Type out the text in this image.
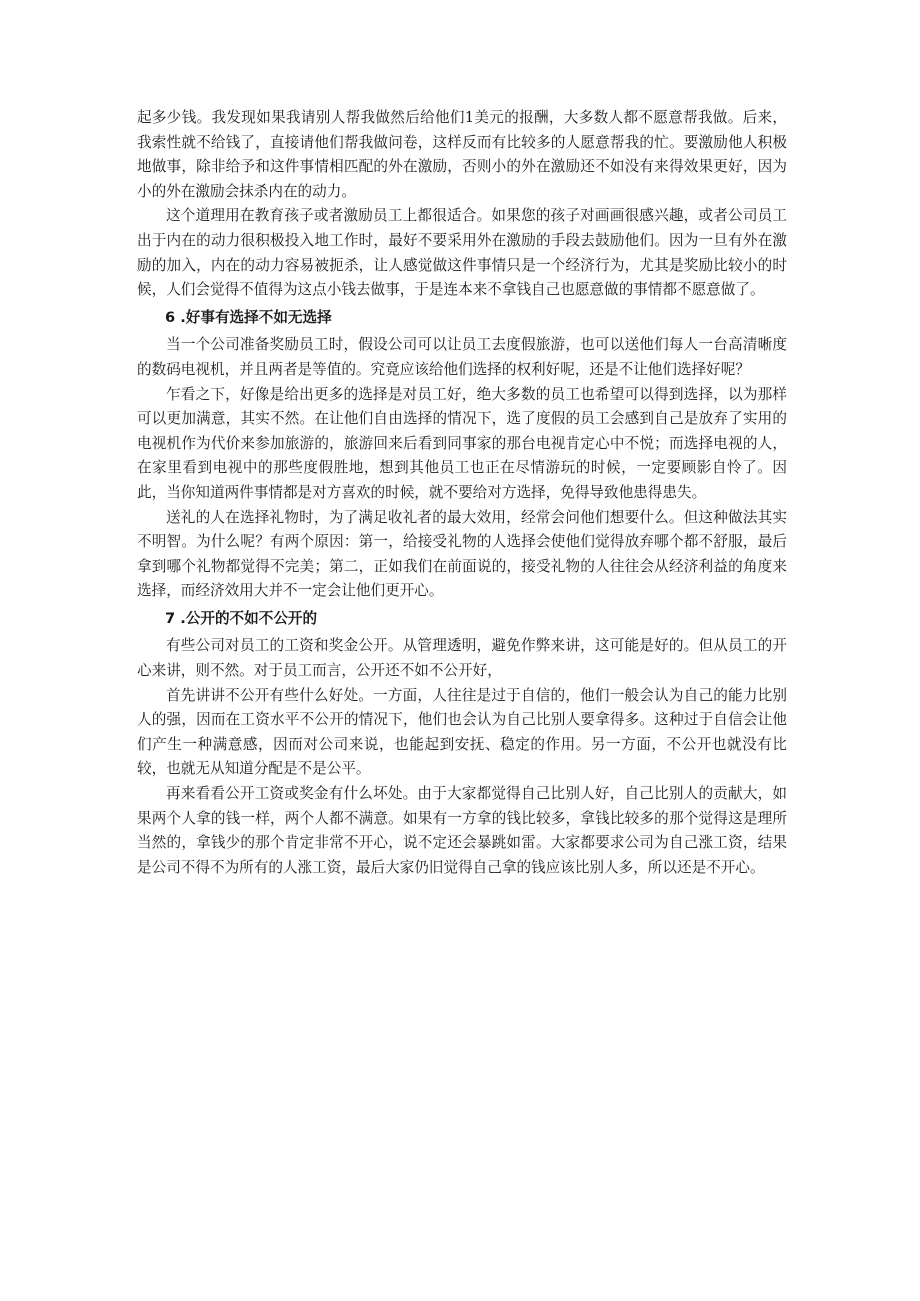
起多少钱。我发现如果我请别人帮我做然后给他们1美元的报酬，大多数人都不愿意帮我做。后来，我索性就不给钱了，直接请他们帮我做问卷，这样反而有比较多的人愿意帮我的忙。要激励他人积极地做事，除非给予和这件事情相匹配的外在激励，否则小的外在激励还不如没有来得效果更好，因为小的外在激励会抹杀内在的动力。

这个道理用在教育孩子或者激励员工上都很适合。如果您的孩子对画画很感兴趣，或者公司员工出于内在的动力很积极投入地工作时，最好不要采用外在激励的手段去鼓励他们。因为一旦有外在激励的加入，内在的动力容易被扼杀，让人感觉做这件事情只是一个经济行为，尤其是奖励比较小的时候，人们会觉得不值得为这点小钱去做事，于是连本来不拿钱自己也愿意做的事情都不愿意做了。

6 .好事有选择不如无选择

当一个公司准备奖励员工时，假设公司可以让员工去度假旅游，也可以送他们每人一台高清晰度的数码电视机，并且两者是等值的。究竟应该给他们选择的权利好呢，还是不让他们选择好呢？

乍看之下，好像是给出更多的选择是对员工好，绝大多数的员工也希望可以得到选择，以为那样可以更加满意，其实不然。在让他们自由选择的情况下，选了度假的员工会感到自己是放弃了实用的电视机作为代价来参加旅游的，旅游回来后看到同事家的那台电视肯定心中不悦；而选择电视的人，在家里看到电视中的那些度假胜地，想到其他员工也正在尽情游玩的时候，一定要顾影自怜了。因此，当你知道两件事情都是对方喜欢的时候，就不要给对方选择，免得导致他患得患失。

送礼的人在选择礼物时，为了满足收礼者的最大效用，经常会问他们想要什么。但这种做法其实不明智。为什么呢？有两个原因：第一，给接受礼物的人选择会使他们觉得放弃哪个都不舒服，最后拿到哪个礼物都觉得不完美；第二，正如我们在前面说的，接受礼物的人往往会从经济利益的角度来选择，而经济效用大并不一定会让他们更开心。

7 .公开的不如不公开的

有些公司对员工的工资和奖金公开。从管理透明，避免作弊来讲，这可能是好的。但从员工的开心来讲，则不然。对于员工而言，公开还不如不公开好，

首先讲讲不公开有些什么好处。一方面，人往往是过于自信的，他们一般会认为自己的能力比别人的强，因而在工资水平不公开的情况下，他们也会认为自己比别人要拿得多。这种过于自信会让他们产生一种满意感，因而对公司来说，也能起到安抚、稳定的作用。另一方面，不公开也就没有比较，也就无从知道分配是不是公平。

再来看看公开工资或奖金有什么坏处。由于大家都觉得自己比别人好，自己比别人的贡献大，如果两个人拿的钱一样，两个人都不满意。如果有一方拿的钱比较多，拿钱比较多的那个觉得这是理所当然的，拿钱少的那个肯定非常不开心，说不定还会暴跳如雷。大家都要求公司为自己涨工资，结果是公司不得不为所有的人涨工资，最后大家仍旧觉得自己拿的钱应该比别人多，所以还是不开心。
